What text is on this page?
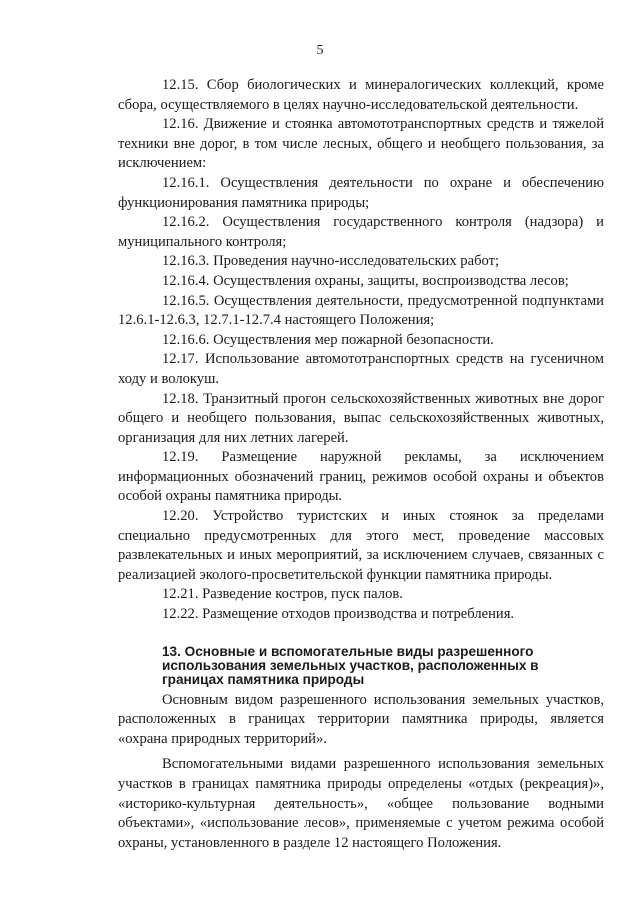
5

12.15. Сбор биологических и минералогических коллекций, кроме сбора, осуществляемого в целях научно-исследовательской деятельности.

12.16. Движение и стоянка автомототранспортных средств и тяжелой техники вне дорог, в том числе лесных, общего и необщего пользования, за исключением:

12.16.1. Осуществления деятельности по охране и обеспечению функционирования памятника природы;

12.16.2. Осуществления государственного контроля (надзора) и муниципального контроля;

12.16.3. Проведения научно-исследовательских работ;

12.16.4. Осуществления охраны, защиты, воспроизводства лесов;

12.16.5. Осуществления деятельности, предусмотренной подпунктами 12.6.1-12.6.3, 12.7.1-12.7.4 настоящего Положения;

12.16.6. Осуществления мер пожарной безопасности.

12.17. Использование автомототранспортных средств на гусеничном ходу и волокуш.

12.18. Транзитный прогон сельскохозяйственных животных вне дорог общего и необщего пользования, выпас сельскохозяйственных животных, организация для них летних лагерей.

12.19. Размещение наружной рекламы, за исключением информационных обозначений границ, режимов особой охраны и объектов особой охраны памятника природы.

12.20. Устройство туристских и иных стоянок за пределами специально предусмотренных для этого мест, проведение массовых развлекательных и иных мероприятий, за исключением случаев, связанных с реализацией эколого-просветительской функции памятника природы.

12.21. Разведение костров, пуск палов.

12.22. Размещение отходов производства и потребления.

13. Основные и вспомогательные виды разрешенного использования земельных участков, расположенных в границах памятника природы

Основным видом разрешенного использования земельных участков, расположенных в границах территории памятника природы, является «охрана природных территорий».

Вспомогательными видами разрешенного использования земельных участков в границах памятника природы определены «отдых (рекреация)», «историко-культурная деятельность», «общее пользование водными объектами», «использование лесов», применяемые с учетом режима особой охраны, установленного в разделе 12 настоящего Положения.
